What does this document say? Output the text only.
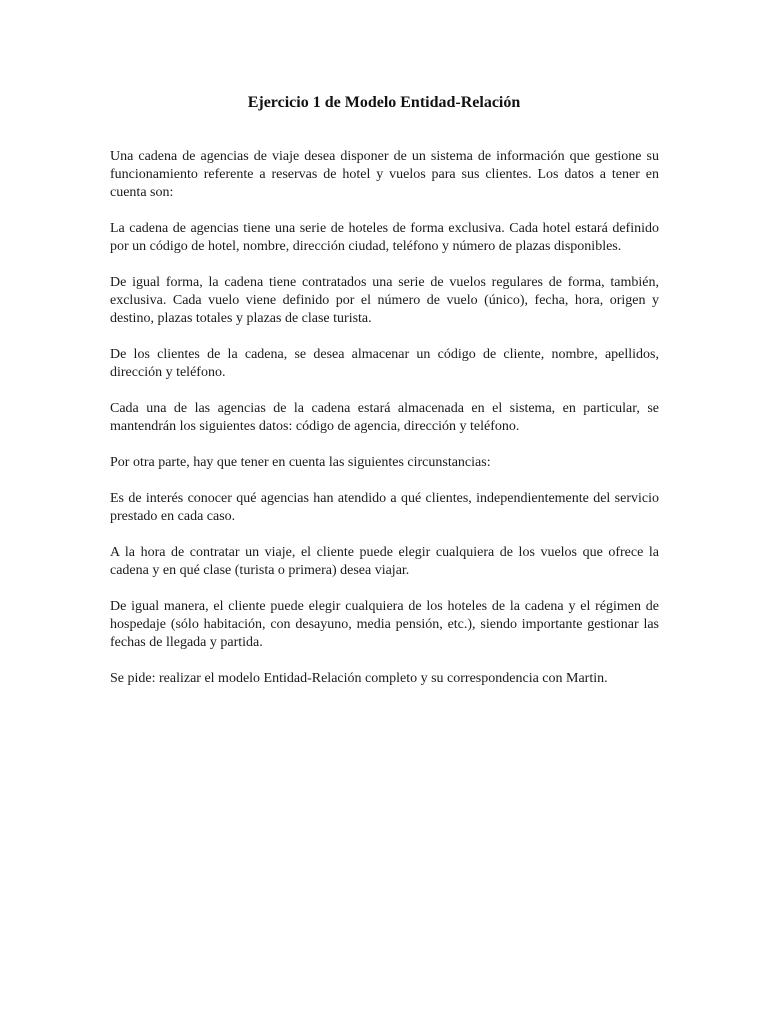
Ejercicio 1 de Modelo Entidad-Relación

Una cadena de agencias de viaje desea disponer de un sistema de información que gestione su funcionamiento referente a reservas de hotel y vuelos para sus clientes. Los datos a tener en cuenta son:

La cadena de agencias tiene una serie de hoteles de forma exclusiva. Cada hotel estará definido por un código de hotel, nombre, dirección ciudad, teléfono y número de plazas disponibles.

De igual forma, la cadena tiene contratados una serie de vuelos regulares de forma, también, exclusiva. Cada vuelo viene definido por el número de vuelo (único), fecha, hora, origen y destino, plazas totales y plazas de clase turista.

De los clientes de la cadena, se desea almacenar un código de cliente, nombre, apellidos, dirección y teléfono.

Cada una de las agencias de la cadena estará almacenada en el sistema, en particular, se mantendrán los siguientes datos: código de agencia, dirección y teléfono.

Por otra parte, hay que tener en cuenta las siguientes circunstancias:

Es de interés conocer qué agencias han atendido a qué clientes, independientemente del servicio prestado en cada caso.

A la hora de contratar un viaje, el cliente puede elegir cualquiera de los vuelos que ofrece la cadena y en qué clase (turista o primera) desea viajar.

De igual manera, el cliente puede elegir cualquiera de los hoteles de la cadena y el régimen de hospedaje (sólo habitación, con desayuno, media pensión, etc.), siendo importante gestionar las fechas de llegada y partida.

Se pide: realizar el modelo Entidad-Relación completo y su correspondencia con Martin.
